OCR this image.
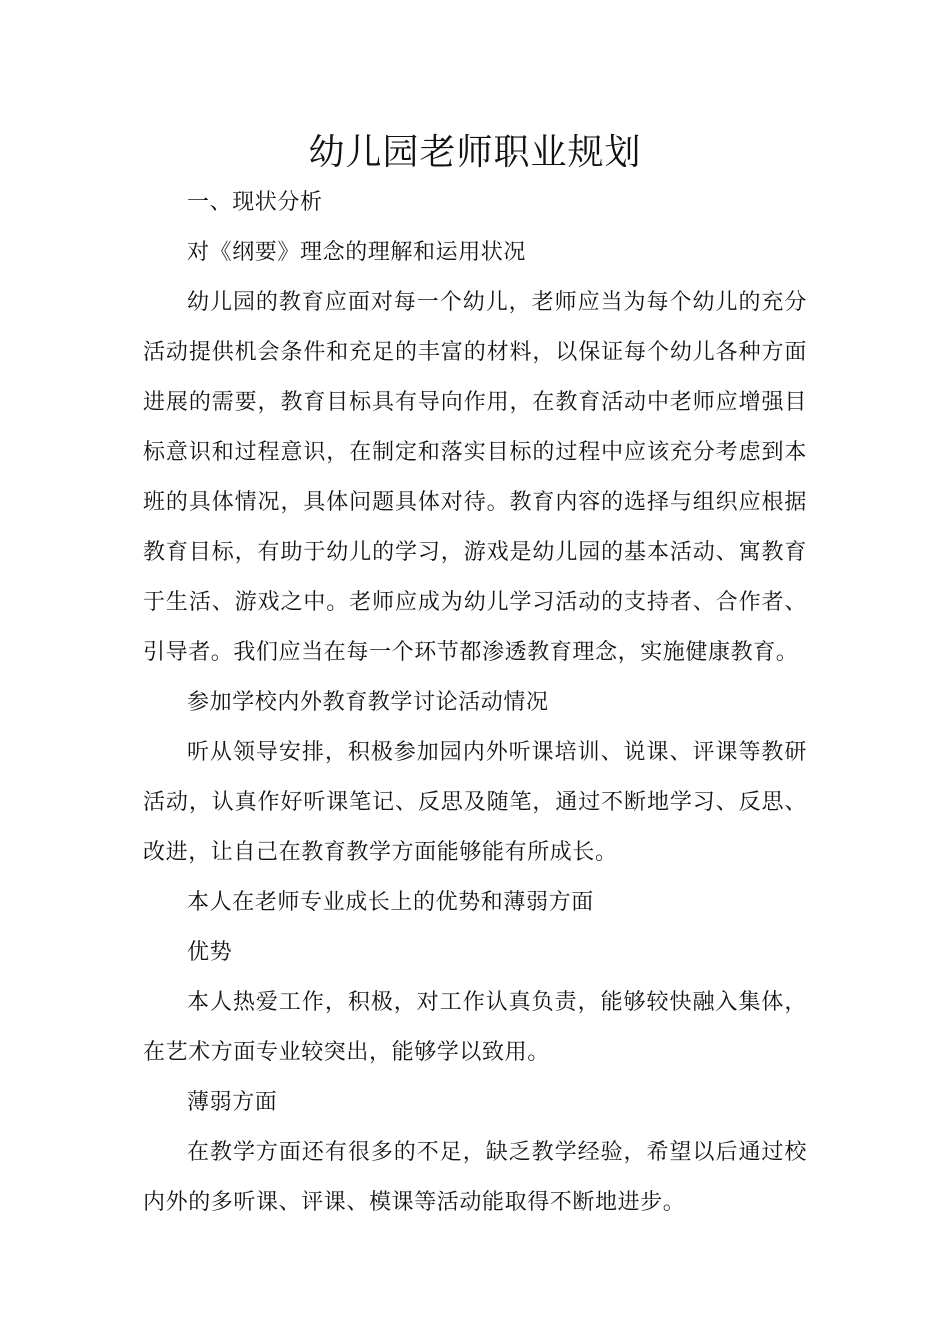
幼儿园老师职业规划

一、现状分析

对《纲要》理念的理解和运用状况

幼儿园的教育应面对每一个幼儿，老师应当为每个幼儿的充分活动提供机会条件和充足的丰富的材料，以保证每个幼儿各种方面进展的需要，教育目标具有导向作用，在教育活动中老师应增强目标意识和过程意识，在制定和落实目标的过程中应该充分考虑到本班的具体情况，具体问题具体对待。教育内容的选择与组织应根据教育目标，有助于幼儿的学习，游戏是幼儿园的基本活动、寓教育于生活、游戏之中。老师应成为幼儿学习活动的支持者、合作者、引导者。我们应当在每一个环节都渗透教育理念，实施健康教育。

参加学校内外教育教学讨论活动情况

听从领导安排，积极参加园内外听课培训、说课、评课等教研活动，认真作好听课笔记、反思及随笔，通过不断地学习、反思、改进，让自己在教育教学方面能够能有所成长。

本人在老师专业成长上的优势和薄弱方面

优势

本人热爱工作，积极，对工作认真负责，能够较快融入集体，在艺术方面专业较突出，能够学以致用。

薄弱方面

在教学方面还有很多的不足，缺乏教学经验，希望以后通过校内外的多听课、评课、模课等活动能取得不断地进步。
